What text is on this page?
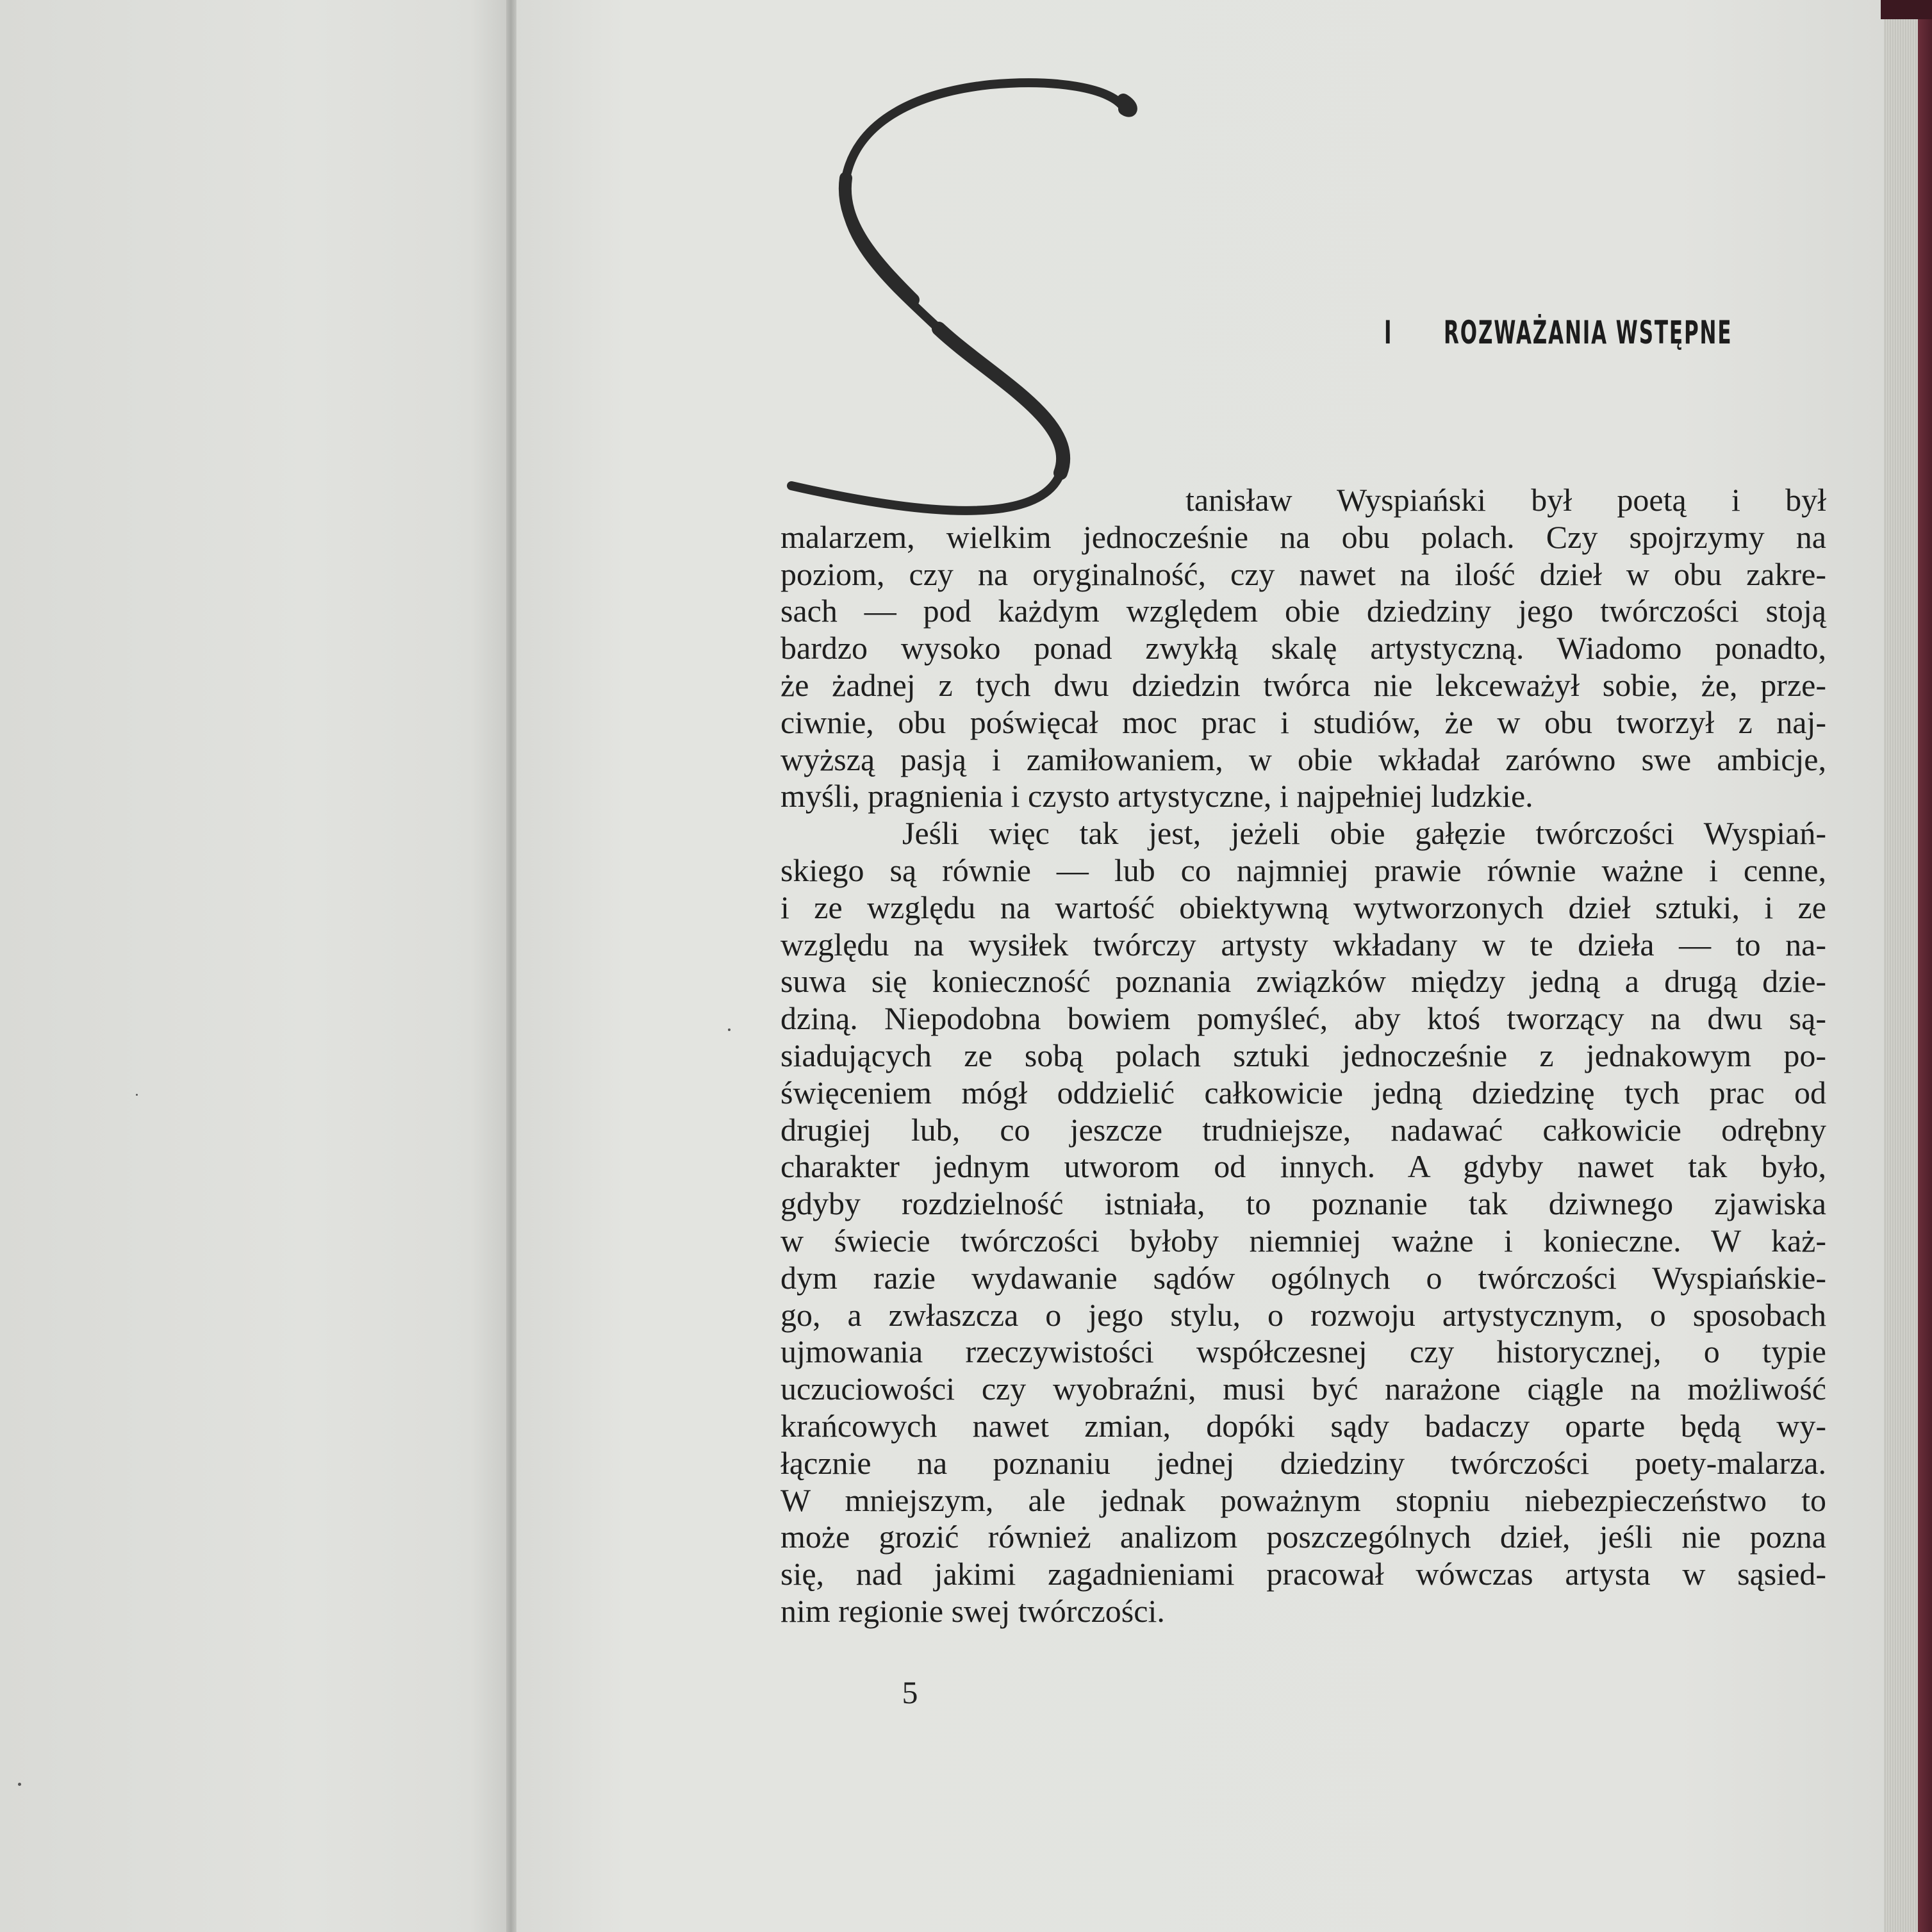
I ROZWAŻANIA WSTĘPNE
tanisław Wyspiański był poetą i był
malarzem, wielkim jednocześnie na obu polach. Czy spojrzymy na
poziom, czy na oryginalność, czy nawet na ilość dzieł w obu zakre-
sach — pod każdym względem obie dziedziny jego twórczości stoją
bardzo wysoko ponad zwykłą skalę artystyczną. Wiadomo ponadto,
że żadnej z tych dwu dziedzin twórca nie lekceważył sobie, że, prze-
ciwnie, obu poświęcał moc prac i studiów, że w obu tworzył z naj-
wyższą pasją i zamiłowaniem, w obie wkładał zarówno swe ambicje,
myśli, pragnienia i czysto artystyczne, i najpełniej ludzkie.
Jeśli więc tak jest, jeżeli obie gałęzie twórczości Wyspiań-
skiego są równie — lub co najmniej prawie równie ważne i cenne,
i ze względu na wartość obiektywną wytworzonych dzieł sztuki, i ze
względu na wysiłek twórczy artysty wkładany w te dzieła — to na-
suwa się konieczność poznania związków między jedną a drugą dzie-
dziną. Niepodobna bowiem pomyśleć, aby ktoś tworzący na dwu są-
siadujących ze sobą polach sztuki jednocześnie z jednakowym po-
święceniem mógł oddzielić całkowicie jedną dziedzinę tych prac od
drugiej lub, co jeszcze trudniejsze, nadawać całkowicie odrębny
charakter jednym utworom od innych. A gdyby nawet tak było,
gdyby rozdzielność istniała, to poznanie tak dziwnego zjawiska
w świecie twórczości byłoby niemniej ważne i konieczne. W każ-
dym razie wydawanie sądów ogólnych o twórczości Wyspiańskie-
go, a zwłaszcza o jego stylu, o rozwoju artystycznym, o sposobach
ujmowania rzeczywistości współczesnej czy historycznej, o typie
uczuciowości czy wyobraźni, musi być narażone ciągle na możliwość
krańcowych nawet zmian, dopóki sądy badaczy oparte będą wy-
łącznie na poznaniu jednej dziedziny twórczości poety-malarza.
W mniejszym, ale jednak poważnym stopniu niebezpieczeństwo to
może grozić również analizom poszczególnych dzieł, jeśli nie pozna
się, nad jakimi zagadnieniami pracował wówczas artysta w sąsied-
nim regionie swej twórczości.
5
